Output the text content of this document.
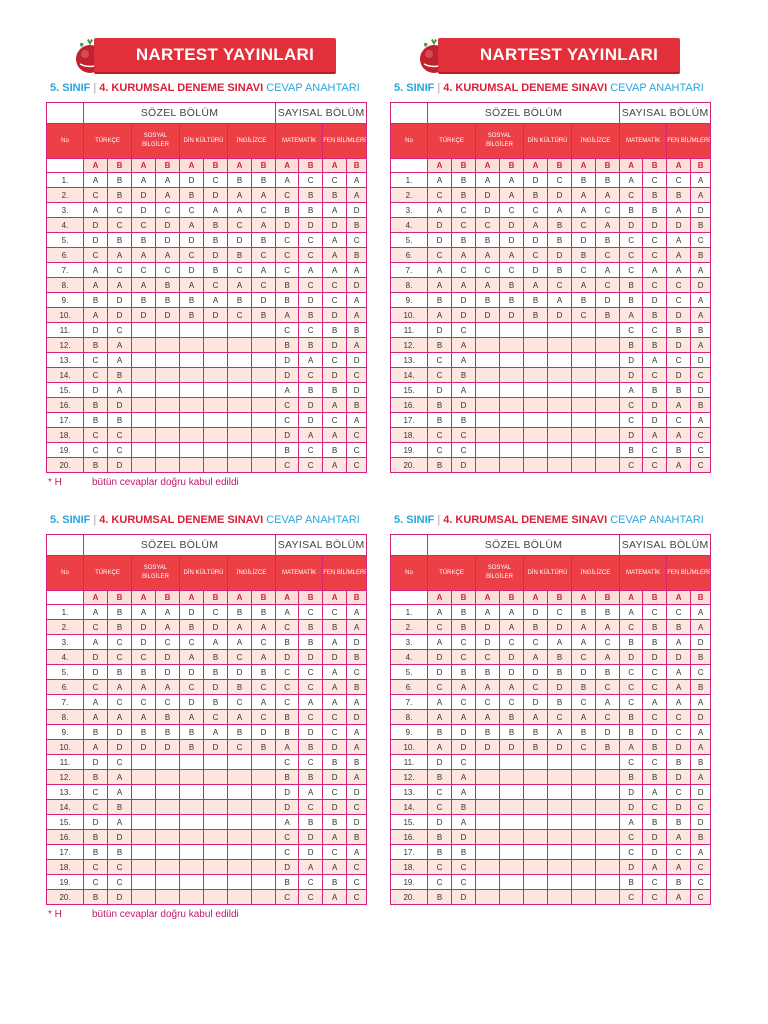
NARTEST YAYINLARI
5. SINIF | 4. KURUMSAL DENEME SINAVI CEVAP ANAHTARI
	SÖZEL BÖLÜM								SAYISAL BÖLÜM			
No	TÜRKÇE		SOSYAL BİLGİLER		DİN KÜLTÜRÜ		İNGİLİZCE		MATEMATİK		FEN BİLİMLERİ	
	A	B	A	B	A	B	A	B	A	B	A	B
1.	A	B	A	A	D	C	B	B	A	C	C	A
2.	C	B	D	A	B	D	A	A	C	B	B	A
3.	A	C	D	C	C	A	A	C	B	B	A	D
4.	D	C	C	D	A	B	C	A	D	D	D	B
5.	D	B	B	D	D	B	D	B	C	C	A	C
6.	C	A	A	A	C	D	B	C	C	C	A	B
7.	A	C	C	C	D	B	C	A	C	A	A	A
8.	A	A	A	B	A	C	A	C	B	C	C	D
9.	B	D	B	B	B	A	B	D	B	D	C	A
10.	A	D	D	D	B	D	C	B	A	B	D	A
11.	D	C							C	C	B	B
12.	B	A							B	B	D	A
13.	C	A							D	A	C	D
14.	C	B							D	C	D	C
15.	D	A							A	B	B	D
16.	B	D							C	D	A	B
17.	B	B							C	D	C	A
18.	C	C							D	A	A	C
19.	C	C							B	C	B	C
20.	B	D							C	C	A	C
* H	bütün cevaplar doğru kabul edildi
NARTEST YAYINLARI
5. SINIF | 4. KURUMSAL DENEME SINAVI CEVAP ANAHTARI
	SÖZEL BÖLÜM								SAYISAL BÖLÜM			
No	TÜRKÇE		SOSYAL BİLGİLER		DİN KÜLTÜRÜ		İNGİLİZCE		MATEMATİK		FEN BİLİMLERİ	
	A	B	A	B	A	B	A	B	A	B	A	B
1.	A	B	A	A	D	C	B	B	A	C	C	A
2.	C	B	D	A	B	D	A	A	C	B	B	A
3.	A	C	D	C	C	A	A	C	B	B	A	D
4.	D	C	C	D	A	B	C	A	D	D	D	B
5.	D	B	B	D	D	B	D	B	C	C	A	C
6.	C	A	A	A	C	D	B	C	C	C	A	B
7.	A	C	C	C	D	B	C	A	C	A	A	A
8.	A	A	A	B	A	C	A	C	B	C	C	D
9.	B	D	B	B	B	A	B	D	B	D	C	A
10.	A	D	D	D	B	D	C	B	A	B	D	A
11.	D	C							C	C	B	B
12.	B	A							B	B	D	A
13.	C	A							D	A	C	D
14.	C	B							D	C	D	C
15.	D	A							A	B	B	D
16.	B	D							C	D	A	B
17.	B	B							C	D	C	A
18.	C	C							D	A	A	C
19.	C	C							B	C	B	C
20.	B	D							C	C	A	C
5. SINIF | 4. KURUMSAL DENEME SINAVI CEVAP ANAHTARI
	SÖZEL BÖLÜM								SAYISAL BÖLÜM			
No	TÜRKÇE		SOSYAL BİLGİLER		DİN KÜLTÜRÜ		İNGİLİZCE		MATEMATİK		FEN BİLİMLERİ	
	A	B	A	B	A	B	A	B	A	B	A	B
1.	A	B	A	A	D	C	B	B	A	C	C	A
2.	C	B	D	A	B	D	A	A	C	B	B	A
3.	A	C	D	C	C	A	A	C	B	B	A	D
4.	D	C	C	D	A	B	C	A	D	D	D	B
5.	D	B	B	D	D	B	D	B	C	C	A	C
6.	C	A	A	A	C	D	B	C	C	C	A	B
7.	A	C	C	C	D	B	C	A	C	A	A	A
8.	A	A	A	B	A	C	A	C	B	C	C	D
9.	B	D	B	B	B	A	B	D	B	D	C	A
10.	A	D	D	D	B	D	C	B	A	B	D	A
11.	D	C							C	C	B	B
12.	B	A							B	B	D	A
13.	C	A							D	A	C	D
14.	C	B							D	C	D	C
15.	D	A							A	B	B	D
16.	B	D							C	D	A	B
17.	B	B							C	D	C	A
18.	C	C							D	A	A	C
19.	C	C							B	C	B	C
20.	B	D							C	C	A	C
* H	bütün cevaplar doğru kabul edildi
5. SINIF | 4. KURUMSAL DENEME SINAVI CEVAP ANAHTARI
	SÖZEL BÖLÜM								SAYISAL BÖLÜM			
No	TÜRKÇE		SOSYAL BİLGİLER		DİN KÜLTÜRÜ		İNGİLİZCE		MATEMATİK		FEN BİLİMLERİ	
	A	B	A	B	A	B	A	B	A	B	A	B
1.	A	B	A	A	D	C	B	B	A	C	C	A
2.	C	B	D	A	B	D	A	A	C	B	B	A
3.	A	C	D	C	C	A	A	C	B	B	A	D
4.	D	C	C	D	A	B	C	A	D	D	D	B
5.	D	B	B	D	D	B	D	B	C	C	A	C
6.	C	A	A	A	C	D	B	C	C	C	A	B
7.	A	C	C	C	D	B	C	A	C	A	A	A
8.	A	A	A	B	A	C	A	C	B	C	C	D
9.	B	D	B	B	B	A	B	D	B	D	C	A
10.	A	D	D	D	B	D	C	B	A	B	D	A
11.	D	C							C	C	B	B
12.	B	A							B	B	D	A
13.	C	A							D	A	C	D
14.	C	B							D	C	D	C
15.	D	A							A	B	B	D
16.	B	D							C	D	A	B
17.	B	B							C	D	C	A
18.	C	C							D	A	A	C
19.	C	C							B	C	B	C
20.	B	D							C	C	A	C
